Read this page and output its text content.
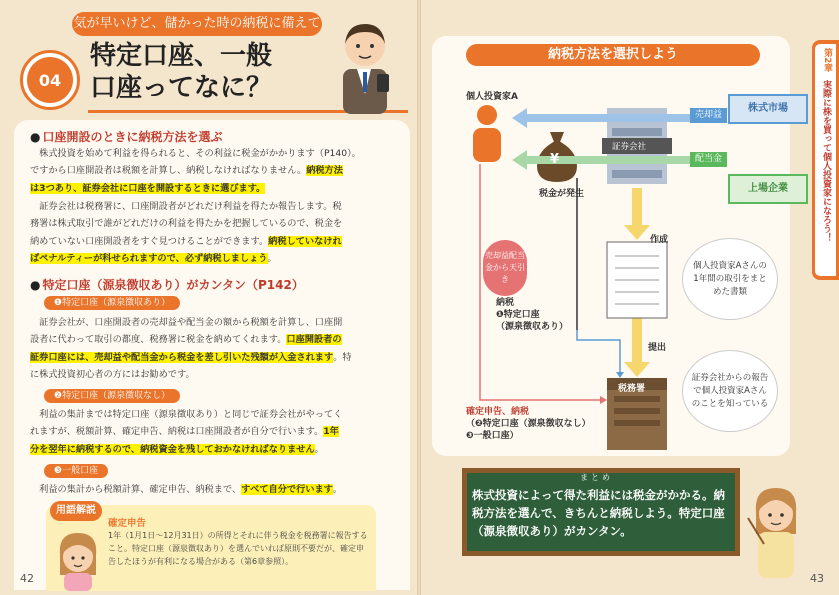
気が早いけど、儲かった時の納税に備えて
04
特定口座、一般
口座ってなに？
● 口座開設のときに納税方法を選ぶ
　株式投資を始めて利益を得られると、その利益に税金がかかります（P140）。
ですから口座開設者は税額を計算し、納税しなければなりません。納税方法
は3つあり、証券会社に口座を開設するときに選びます。
　証券会社は税務署に、口座開設者がどれだけ利益を得たか報告します。税
務署は株式取引で誰がどれだけの利益を得たかを把握しているので、税金を
納めていない口座開設者をすぐ見つけることができます。納税していなけれ
ばペナルティーが科せられますので、必ず納税しましょう。
● 特定口座（源泉徴収あり）がカンタン（P142）
❶特定口座（源泉徴収あり）
　証券会社が、口座開設者の売却益や配当金の額から税額を計算し、口座開
設者に代わって取引の都度、税務署に税金を納めてくれます。口座開設者の
証券口座には、売却益や配当金から税金を差し引いた残額が入金されます。特
に株式投資初心者の方にはお勧めです。
❷特定口座（源泉徴収なし）
　利益の集計までは特定口座（源泉徴収あり）と同じで証券会社がやってく
れますが、税額計算、確定申告、納税は口座開設者が自分で行います。1年
分を翌年に納税するので、納税資金を残しておかなければなりません。
❸一般口座
　利益の集計から税額計算、確定申告、納税まで、すべて自分で行います。
用語解説
確定申告
1年（1月1日〜12月31日）の所得とそれに伴う税金を税務署に報告すること。特定口座（源泉徴収あり）を選んでいれば原則不要だが、確定申告したほうが有利になる場合がある（第6章参照）。
42
第2章
実際に株を買って個人投資家になろう！
納税方法を選択しよう
個人投資家A
証券会社
株式市場
上場企業
売却益
配当金
¥
税金が発生
作成
提出
税務署
売却益配当金から天引き
個人投資家Aさんの1年間の取引をまとめた書類
証券会社からの報告で個人投資家Aさんのことを知っている
納税
❶特定口座
（源泉徴収あり）
確定申告、納税
（❷特定口座（源泉徴収なし）
❸一般口座）
まとめ
株式投資によって得た利益には税金がかかる。納税方法を選んで、きちんと納税しよう。特定口座（源泉徴収あり）がカンタン。
43
